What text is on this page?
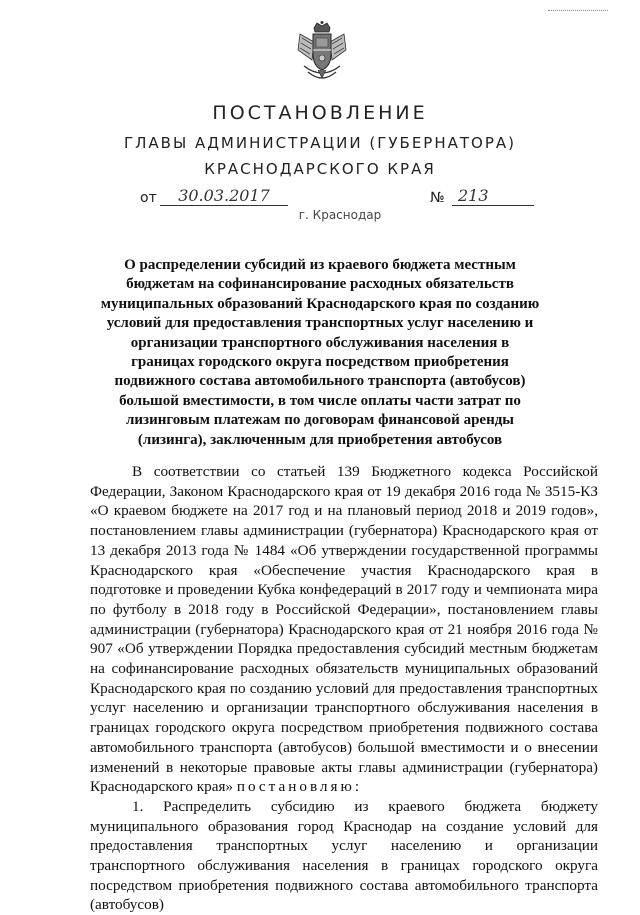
ПОСТАНОВЛЕНИЕ
ГЛАВЫ АДМИНИСТРАЦИИ (ГУБЕРНАТОРА)
КРАСНОДАРСКОГО КРАЯ
от	30.03.2017	№ 213
г. Краснодар
О распределении субсидий из краевого бюджета местным бюджетам на софинансирование расходных обязательств муниципальных образований Краснодарского края по созданию условий для предоставления транспортных услуг населению и организации транспортного обслуживания населения в границах городского округа посредством приобретения подвижного состава автомобильного транспорта (автобусов) большой вместимости, в том числе оплаты части затрат по лизинговым платежам по договорам финансовой аренды (лизинга), заключенным для приобретения автобусов

В соответствии со статьей 139 Бюджетного кодекса Российской Федерации, Законом Краснодарского края от 19 декабря 2016 года № 3515-КЗ «О краевом бюджете на 2017 год и на плановый период 2018 и 2019 годов», постановлением главы администрации (губернатора) Краснодарского края от 13 декабря 2013 года № 1484 «Об утверждении государственной программы Краснодарского края «Обеспечение участия Краснодарского края в подготовке и проведении Кубка конфедераций в 2017 году и чемпионата мира по футболу в 2018 году в Российской Федерации», постановлением главы администрации (губернатора) Краснодарского края от 21 ноября 2016 года № 907 «Об утверждении Порядка предоставления субсидий местным бюджетам на софинансирование расходных обязательств муниципальных образований Краснодарского края по созданию условий для предоставления транспортных услуг населению и организации транспортного обслуживания населения в границах городского округа посредством приобретения подвижного состава автомобильного транспорта (автобусов) большой вместимости и о внесении изменений в некоторые правовые акты главы администрации (губернатора) Краснодарского края» постановляю:

1. Распределить субсидию из краевого бюджета бюджету муниципального образования город Краснодар на создание условий для предоставления транспортных услуг населению и организации транспортного обслуживания населения в границах городского округа посредством приобретения подвижного состава автомобильного транспорта (автобусов)
